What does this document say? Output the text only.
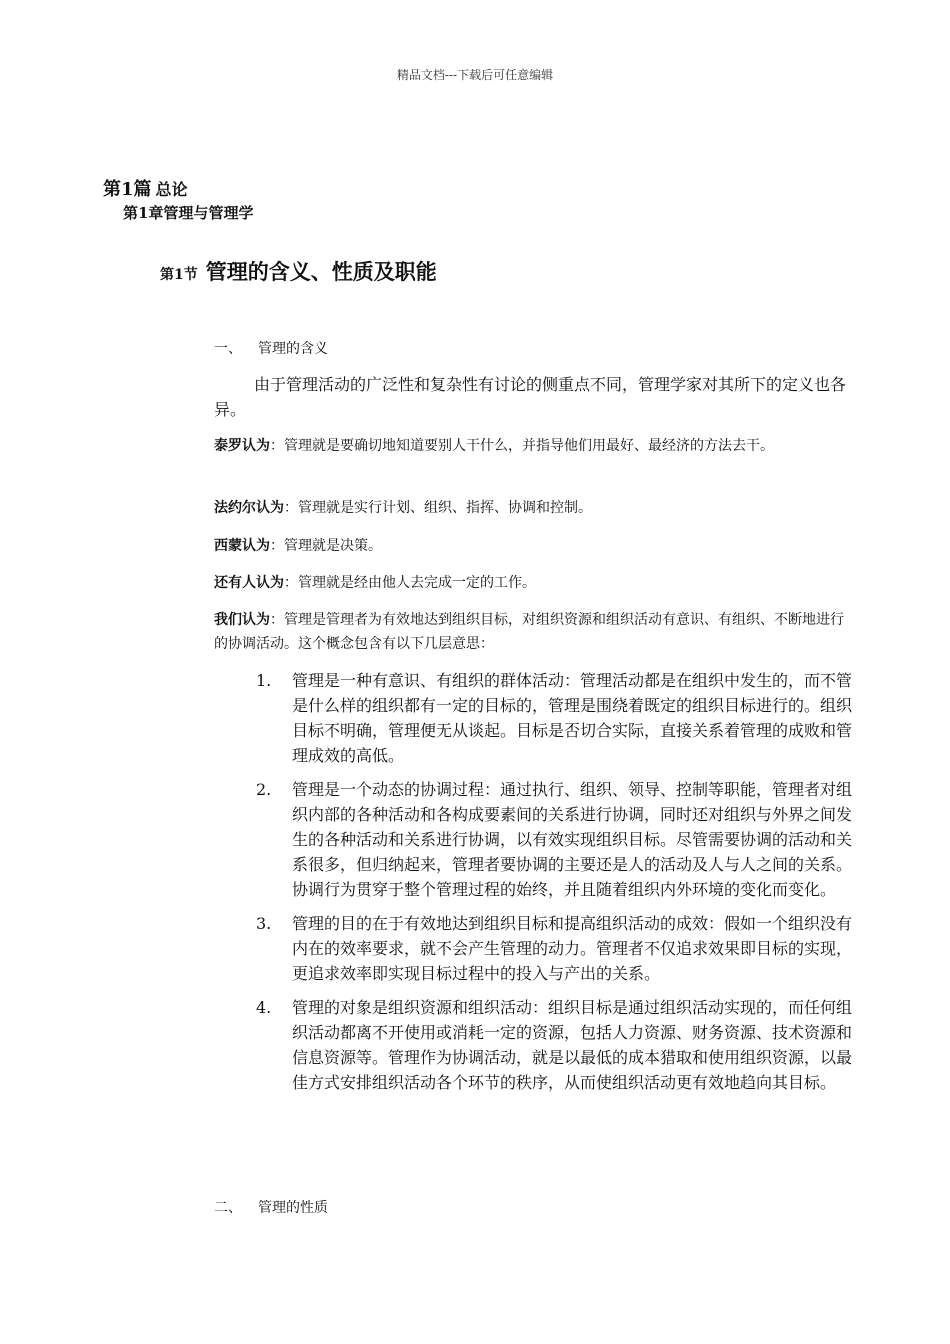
精品文档---下载后可任意编辑
第1篇 总论
第1章管理与管理学
第1节 管理的含义、性质及职能
一、 管理的含义
由于管理活动的广泛性和复杂性有讨论的侧重点不同，管理学家对其所下的定义也各异。
泰罗认为：管理就是要确切地知道要别人干什么，并指导他们用最好、最经济的方法去干。
法约尔认为：管理就是实行计划、组织、指挥、协调和控制。
西蒙认为：管理就是决策。
还有人认为：管理就是经由他人去完成一定的工作。
我们认为：管理是管理者为有效地达到组织目标，对组织资源和组织活动有意识、有组织、不断地进行的协调活动。这个概念包含有以下几层意思：
1. 管理是一种有意识、有组织的群体活动：管理活动都是在组织中发生的，而不管是什么样的组织都有一定的目标的，管理是围绕着既定的组织目标进行的。组织目标不明确，管理便无从谈起。目标是否切合实际，直接关系着管理的成败和管理成效的高低。
2. 管理是一个动态的协调过程：通过执行、组织、领导、控制等职能，管理者对组织内部的各种活动和各构成要素间的关系进行协调，同时还对组织与外界之间发生的各种活动和关系进行协调，以有效实现组织目标。尽管需要协调的活动和关系很多，但归纳起来，管理者要协调的主要还是人的活动及人与人之间的关系。协调行为贯穿于整个管理过程的始终，并且随着组织内外环境的变化而变化。
3. 管理的目的在于有效地达到组织目标和提高组织活动的成效：假如一个组织没有内在的效率要求，就不会产生管理的动力。管理者不仅追求效果即目标的实现，更追求效率即实现目标过程中的投入与产出的关系。
4. 管理的对象是组织资源和组织活动：组织目标是通过组织活动实现的，而任何组织活动都离不开使用或消耗一定的资源，包括人力资源、财务资源、技术资源和信息资源等。管理作为协调活动，就是以最低的成本猎取和使用组织资源，以最佳方式安排组织活动各个环节的秩序，从而使组织活动更有效地趋向其目标。
二、 管理的性质
